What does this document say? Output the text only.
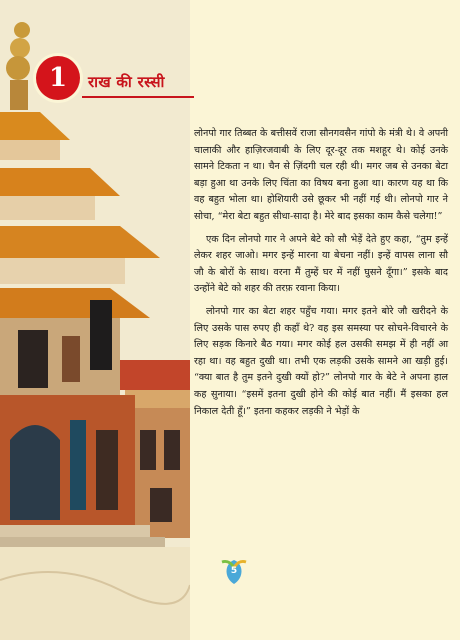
1	राख की रस्सी

लोनपो गार तिब्बत के बत्तीसवें राजा सौनगवसैन गांपो के मंत्री थे। वे अपनी चालाकी और हाज़िरजवाबी के लिए दूर-दूर तक मशहूर थे। कोई उनके सामने टिकता न था। चैन से ज़िंदगी चल रही थी। मगर जब से उनका बेटा बड़ा हुआ था उनके लिए चिंता का विषय बना हुआ था। कारण यह था कि वह बहुत भोला था। होशियारी उसे छूकर भी नहीं गई थी। लोनपो गार ने सोचा, “मेरा बेटा बहुत सीधा-सादा है। मेरे बाद इसका काम कैसे चलेगा!”

एक दिन लोनपो गार ने अपने बेटे को सौ भेड़ें देते हुए कहा, “तुम इन्हें लेकर शहर जाओ। मगर इन्हें मारना या बेचना नहीं। इन्हें वापस लाना सौ जौ के बोरों के साथ। वरना मैं तुम्हें घर में नहीं घुसने दूँगा।” इसके बाद उन्होंने बेटे को शहर की तरफ़ रवाना किया।

लोनपो गार का बेटा शहर पहुँच गया। मगर इतने बोरे जौ खरीदने के लिए उसके पास रुपए ही कहाँ थे? वह इस समस्या पर सोचने-विचारने के लिए सड़क किनारे बैठ गया। मगर कोई हल उसकी समझ में ही नहीं आ रहा था। वह बहुत दुखी था। तभी एक लड़की उसके सामने आ खड़ी हुई। “क्या बात है तुम इतने दुखी क्यों हो?” लोनपो गार के बेटे ने अपना हाल कह सुनाया। “इसमें इतना दुखी होने की कोई बात नहीं। मैं इसका हल निकाल देती हूँ।” इतना कहकर लड़की ने भेड़ों के

5
